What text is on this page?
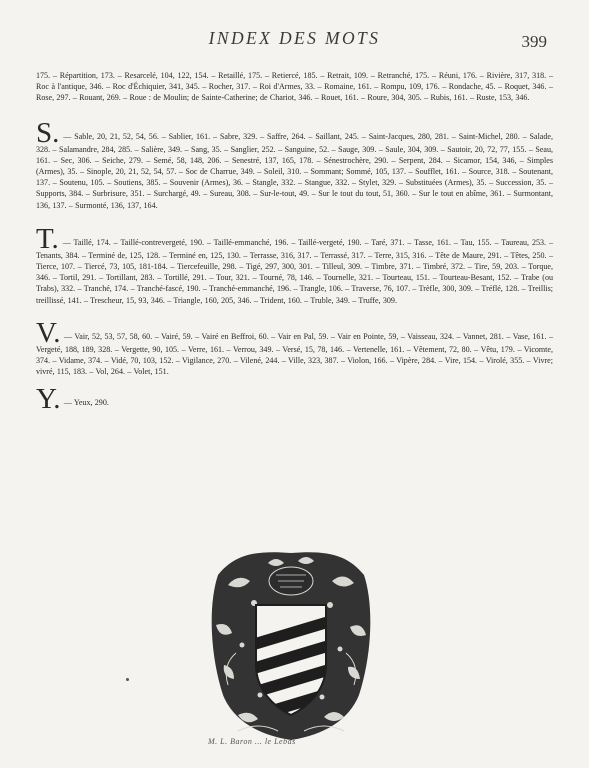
INDEX DES MOTS	399

175. – Répartition, 173. – Resarcelé, 104, 122, 154. – Retaillé, 175. – Retiercé, 185. – Retrait, 109. – Retranché, 175. – Réuni, 176. – Rivière, 317, 318. – Roc à l'antique, 346. – Roc d'Échiquier, 341, 345. – Rocher, 317. – Roi d'Armes, 33. – Romaine, 161. – Rompu, 109, 176. – Rondache, 45. – Roquet, 346. – Rose, 297. – Rouant, 269. – Roue : de Moulin; de Sainte-Catherine; de Chariot, 346. – Rouet, 161. – Roure, 304, 305. – Rubis, 161. – Ruste, 153, 346.

S. — Sable, 20, 21, 52, 54, 56. – Sablier, 161. – Sabre, 329. – Saffre, 264. – Saillant, 245. – Saint-Jacques, 280, 281. – Saint-Michel, 280. – Salade, 328. – Salamandre, 284, 285. – Salière, 349. – Sang, 35. – Sanglier, 252. – Sanguine, 52. – Sauge, 309. – Saule, 304, 309. – Sautoir, 20, 72, 77, 155. – Seau, 161. – Sec, 306. – Seiche, 279. – Semé, 58, 148, 206. – Senestré, 137, 165, 178. – Sénestrochère, 290. – Serpent, 284. – Sicamor, 154, 346, – Simples (Armes), 35. – Sinople, 20, 21, 52, 54, 57. – Soc de Charrue, 349. – Soleil, 310. – Sommant; Sommé, 105, 137. – Soufflet, 161. – Source, 318. – Soutenant, 137. – Soutenu, 105. – Soutiens, 385. – Souvenir (Armes), 36. – Stangle, 332. – Stangue, 332. – Stylet, 329. – Substituées (Armes), 35. – Succession, 35. – Supports, 384. – Surbrisure, 351. – Surchargé, 49. – Sureau, 308. – Sur-le-tout, 49. – Sur le tout du tout, 51, 360. – Sur le tout en abîme, 361. – Surmontant, 136, 137. – Surmonté, 136, 137, 164.

T. — Taillé, 174. – Taillé-contrevergeté, 190. – Taillé-emmanché, 196. – Taillé-vergeté, 190. – Taré, 371. – Tasse, 161. – Tau, 155. – Taureau, 253. – Tenants, 384. – Terminé de, 125, 128. – Terminé en, 125, 130. – Terrasse, 316, 317. – Terrassé, 317. – Terre, 315, 316. – Tête de Maure, 291. – Têtes, 250. – Tierce, 107. – Tiercé, 73, 105, 181-184. – Tiercefeuille, 298. – Tigé, 297, 300, 301. – Tilleul, 309. – Timbre, 371. – Timbré, 372. – Tire, 59, 203. – Torque, 346. – Tortil, 291. – Tortillant, 283. – Tortillé, 291. – Tour, 321. – Tourné, 78, 146. – Tournelle, 321. – Tourteau, 151. – Tourteau-Besant, 152. – Trabe (ou Trabs), 332. – Tranché, 174. – Tranché-fascé, 190. – Tranché-emmanché, 196. – Trangle, 106. – Traverse, 76, 107. – Trèfle, 300, 309. – Tréflé, 128. – Treillis; treillissé, 141. – Trescheur, 15, 93, 346. – Triangle, 160, 205, 346. – Trident, 160. – Truble, 349. – Truffe, 309.

V. — Vair, 52, 53, 57, 58, 60. – Vairé, 59. – Vairé en Beffroi, 60. – Vair en Pal, 59. – Vair en Pointe, 59, – Vaisseau, 324. – Vannet, 281. – Vase, 161. – Vergeté, 188, 189, 328. – Vergette, 90, 105. – Verre, 161. – Verrou, 349. – Versé, 15, 78, 146. – Vertenelle, 161. – Vêtement, 72, 80. – Vêtu, 179. – Vicomte, 374. – Vidame, 374. – Vidé, 70, 103, 152. – Vigilance, 270. – Vilené, 244. – Ville, 323, 387. – Violon, 166. – Vipère, 284. – Vire, 154. – Virolé, 355. – Vivre; vivré, 115, 183. – Vol, 264. – Volet, 151.

Y. — Yeux, 290.

M. L. Baron ... le Lebas
